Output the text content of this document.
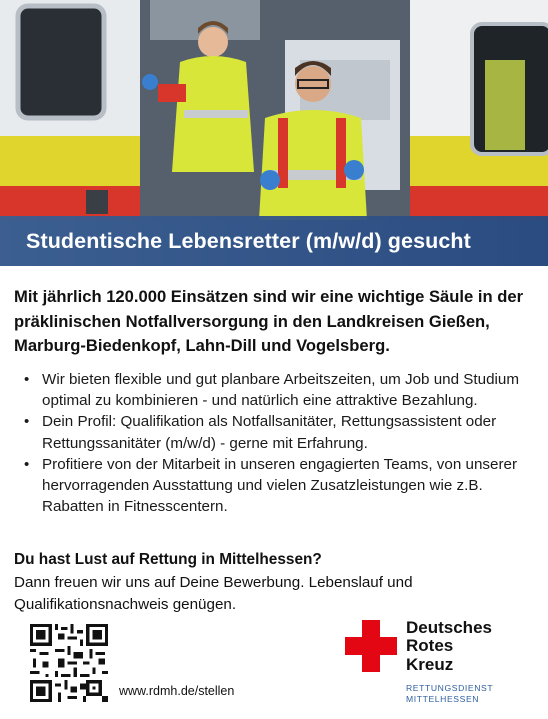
Studentische Lebensretter (m/w/d) gesucht

Mit jährlich 120.000 Einsätzen sind wir eine wichtige Säule in der präklinischen Notfallversorgung in den Landkreisen Gießen, Marburg-Biedenkopf, Lahn-Dill und Vogelsberg.

• Wir bieten flexible und gut planbare Arbeitszeiten, um Job und Studium optimal zu kombinieren - und natürlich eine attraktive Bezahlung.
• Dein Profil: Qualifikation als Notfallsanitäter, Rettungsassistent oder Rettungssanitäter (m/w/d) - gerne mit Erfahrung.
• Profitiere von der Mitarbeit in unseren engagierten Teams, von unserer hervorragenden Ausstattung und vielen Zusatzleistungen wie z.B. Rabatten in Fitnesscentern.
Du hast Lust auf Rettung in Mittelhessen?
Dann freuen wir uns auf Deine Bewerbung. Lebenslauf und Qualifikationsnachweis genügen.
www.rdmh.de/stellen
Deutsches
Rotes
Kreuz
RETTUNGSDIENST
MITTELHESSEN
